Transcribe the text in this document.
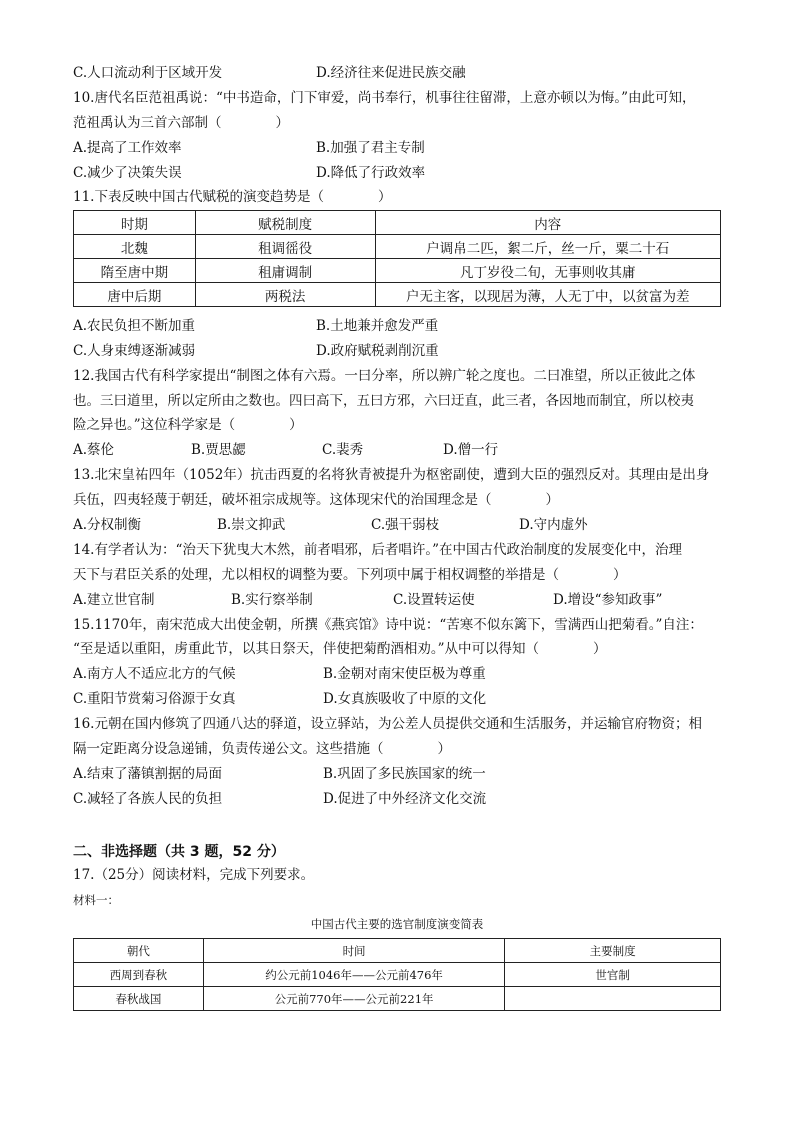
C.人口流动利于区域开发	D.经济往来促进民族交融
10.唐代名臣范祖禹说：“中书造命，门下审爱，尚书奉行，机事往往留滞，上意亦顿以为悔。”由此可知，
范祖禹认为三首六部制（　　　　）
A.提高了工作效率	B.加强了君主专制
C.减少了决策失误	D.降低了行政效率
11.下表反映中国古代赋税的演变趋势是（　　　　）
时期	赋税制度	内容
北魏	租调徭役	户调帛二匹，絮二斤，丝一斤，粟二十石
隋至唐中期	租庸调制	凡丁岁役二旬，无事则收其庸
唐中后期	两税法	户无主客，以现居为薄，人无丁中，以贫富为差
A.农民负担不断加重	B.土地兼并愈发严重
C.人身束缚逐渐减弱	D.政府赋税剥削沉重
12.我国古代有科学家提出“制图之体有六焉。一曰分率，所以辨广轮之度也。二曰准望，所以正彼此之体
也。三曰道里，所以定所由之数也。四曰高下，五曰方邪，六曰迂直，此三者，各因地而制宜，所以校夷
险之异也。”这位科学家是（　　　　）
A.蔡伦	B.贾思勰	C.裴秀	D.僧一行
13.北宋皇祐四年（1052年）抗击西夏的名将狄青被提升为枢密副使，遭到大臣的强烈反对。其理由是出身
兵伍，四夷轻蔑于朝廷，破坏祖宗成规等。这体现宋代的治国理念是（　　　　）
A.分权制衡	B.崇文抑武	C.强干弱枝	D.守内虚外
14.有学者认为：“治天下犹曳大木然，前者唱邪，后者唱许。”在中国古代政治制度的发展变化中，治理
天下与君臣关系的处理，尤以相权的调整为要。下列项中属于相权调整的举措是（　　　　）
A.建立世官制	B.实行察举制	C.设置转运使	D.增设“参知政事”
15.1170年，南宋范成大出使金朝，所撰《燕宾馆》诗中说：“苦寒不似东篱下，雪满西山把菊看。”自注：
“至是适以重阳，虏重此节，以其日祭天，伴使把菊酌酒相劝。”从中可以得知（　　　　）
A.南方人不适应北方的气候	B.金朝对南宋使臣极为尊重
C.重阳节赏菊习俗源于女真	D.女真族吸收了中原的文化
16.元朝在国内修筑了四通八达的驿道，设立驿站，为公差人员提供交通和生活服务，并运输官府物资；相
隔一定距离分设急递铺，负责传递公文。这些措施（　　　　）
A.结束了藩镇割据的局面	B.巩固了多民族国家的统一
C.减轻了各族人民的负担	D.促进了中外经济文化交流
二、非选择题（共 3 题，52 分）
17.（25分）阅读材料，完成下列要求。
材料一：
中国古代主要的选官制度演变简表
朝代	时间	主要制度
西周到春秋	约公元前1046年——公元前476年	世官制
春秋战国	公元前770年——公元前221年	
